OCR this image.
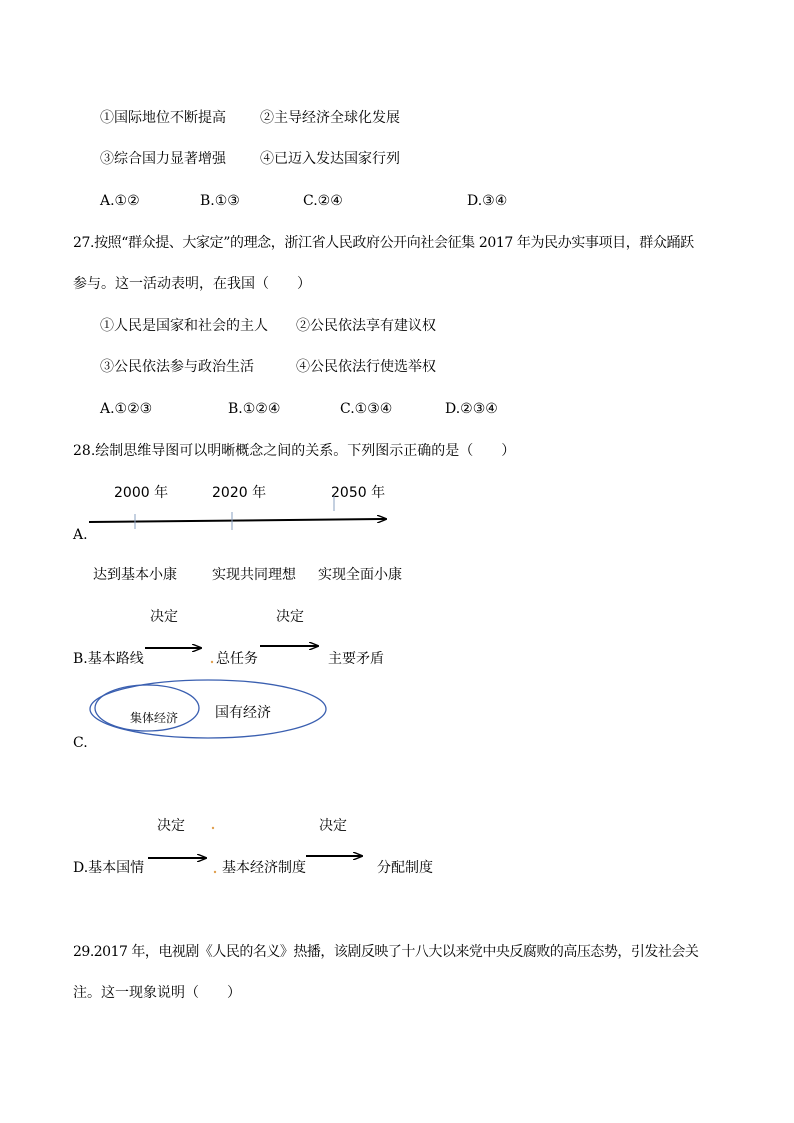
①国际地位不断提高 ②主导经济全球化发展
③综合国力显著增强 ④已迈入发达国家行列
A.①②	B.①③	C.②④	D.③④
27.按照“群众提、大家定”的理念，浙江省人民政府公开向社会征集 2017 年为民办实事项目，群众踊跃
参与。这一活动表明，在我国（　　）
①人民是国家和社会的主人 ②公民依法享有建议权
③公民依法参与政治生活	④公民依法行使选举权
A.①②③	B.①②④	C.①③④	D.②③④
28.绘制思维导图可以明晰概念之间的关系。下列图示正确的是（　　）
2000 年	2020 年	2050 年
A.
达到基本小康	实现共同理想 实现全面小康
决定	决定
B.基本路线	总任务	主要矛盾
集体经济	国有经济
C.
决定	决定
D.基本国情	基本经济制度	分配制度
29.2017 年，电视剧《人民的名义》热播，该剧反映了十八大以来党中央反腐败的高压态势，引发社会关
注。这一现象说明（　　）
